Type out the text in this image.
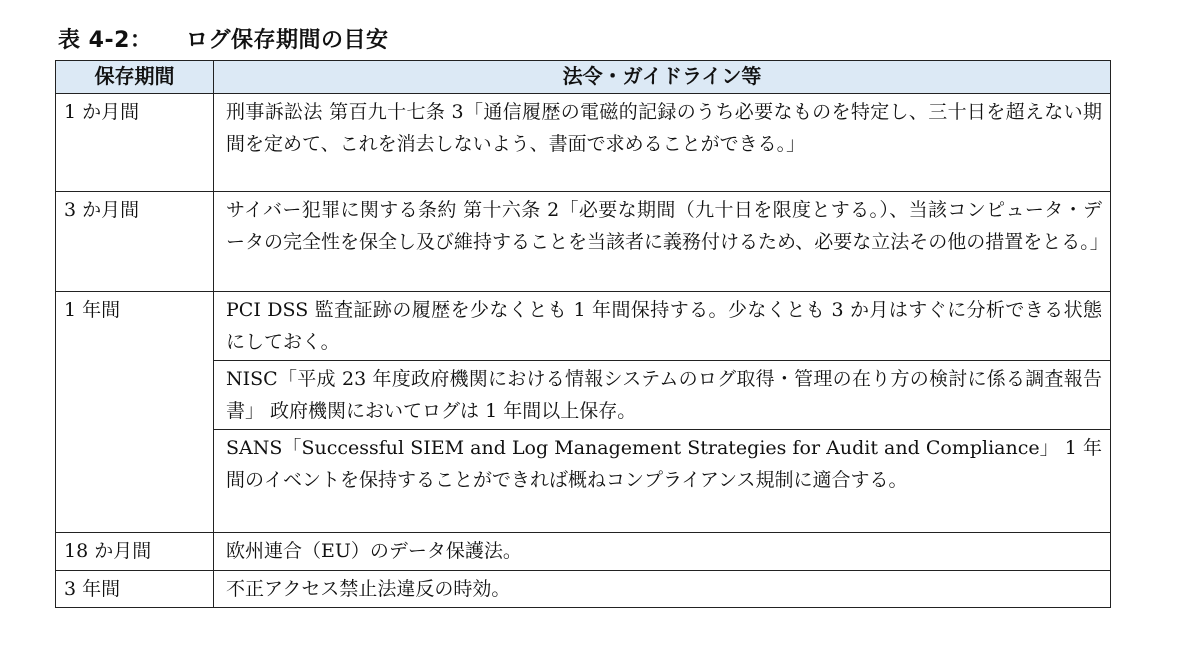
表 4-2： ログ保存期間の目安
保存期間	法令・ガイドライン等
1 か月間	刑事訴訟法 第百九十七条 3「通信履歴の電磁的記録のうち必要なものを特定し、三十日を超えない期間を定めて、これを消去しないよう、書面で求めることができる。」
3 か月間	サイバー犯罪に関する条約 第十六条 2「必要な期間（九十日を限度とする。）、当該コンピュータ・データの完全性を保全し及び維持することを当該者に義務付けるため、必要な立法その他の措置をとる。」
1 年間	PCI DSS 監査証跡の履歴を少なくとも 1 年間保持する。少なくとも 3 か月はすぐに分析できる状態にしておく。
	NISC「平成 23 年度政府機関における情報システムのログ取得・管理の在り方の検討に係る調査報告書」 政府機関においてログは 1 年間以上保存。
	SANS「Successful SIEM and Log Management Strategies for Audit and Compliance」 1 年間のイベントを保持することができれば概ねコンプライアンス規制に適合する。
18 か月間	欧州連合（EU）のデータ保護法。
3 年間	不正アクセス禁止法違反の時効。
